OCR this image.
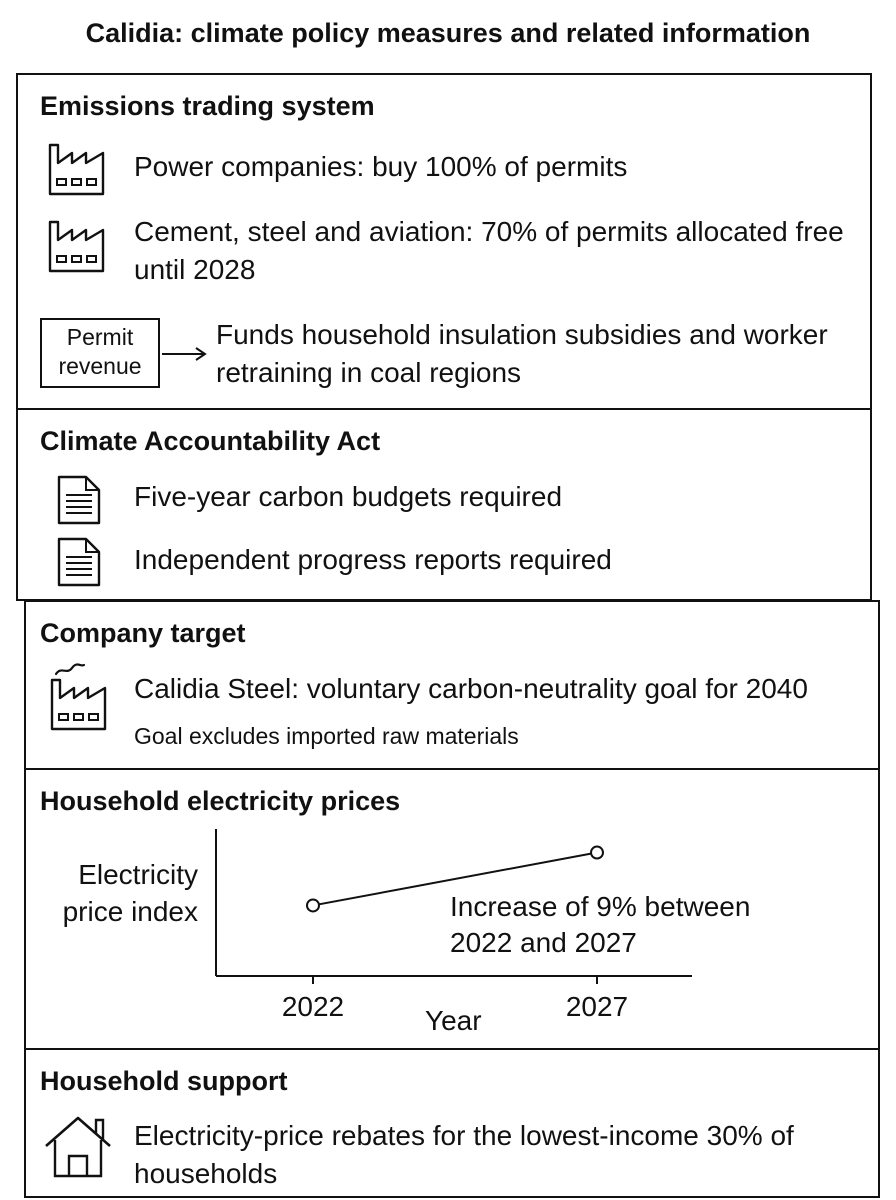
Calidia: climate policy measures and related information
Emissions trading system
Power companies: buy 100% of permits
Cement, steel and aviation: 70% of permits allocated free until 2028
Permit
revenue
Funds household insulation subsidies and worker retraining in coal regions
Climate Accountability Act
Five-year carbon budgets required
Independent progress reports required
Company target
Calidia Steel: voluntary carbon-neutrality goal for 2040
Goal excludes imported raw materials
Household electricity prices
Electricity
price index
2022	2027
Increase of 9% between
2022 and 2027
Year
Household support
Electricity-price rebates for the lowest-income 30% of households
